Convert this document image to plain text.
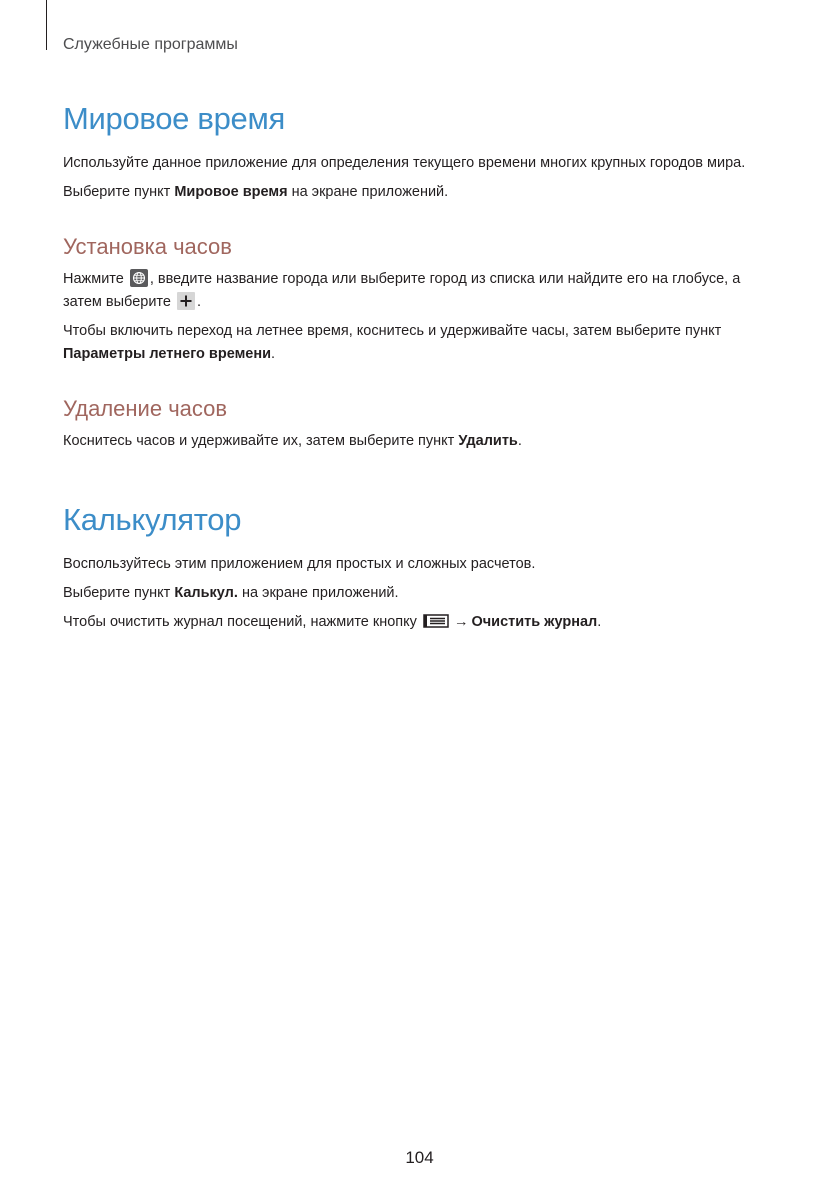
Служебные программы
Мировое время

Используйте данное приложение для определения текущего времени многих крупных городов мира.

Выберите пункт Мировое время на экране приложений.

Установка часов

Нажмите , введите название города или выберите город из списка или найдите его на глобусе, а затем выберите .

Чтобы включить переход на летнее время, коснитесь и удерживайте часы, затем выберите пункт Параметры летнего времени.

Удаление часов

Коснитесь часов и удерживайте их, затем выберите пункт Удалить.

Калькулятор

Воспользуйтесь этим приложением для простых и сложных расчетов.

Выберите пункт Калькул. на экране приложений.

Чтобы очистить журнал посещений, нажмите кнопку → Очистить журнал.

104
